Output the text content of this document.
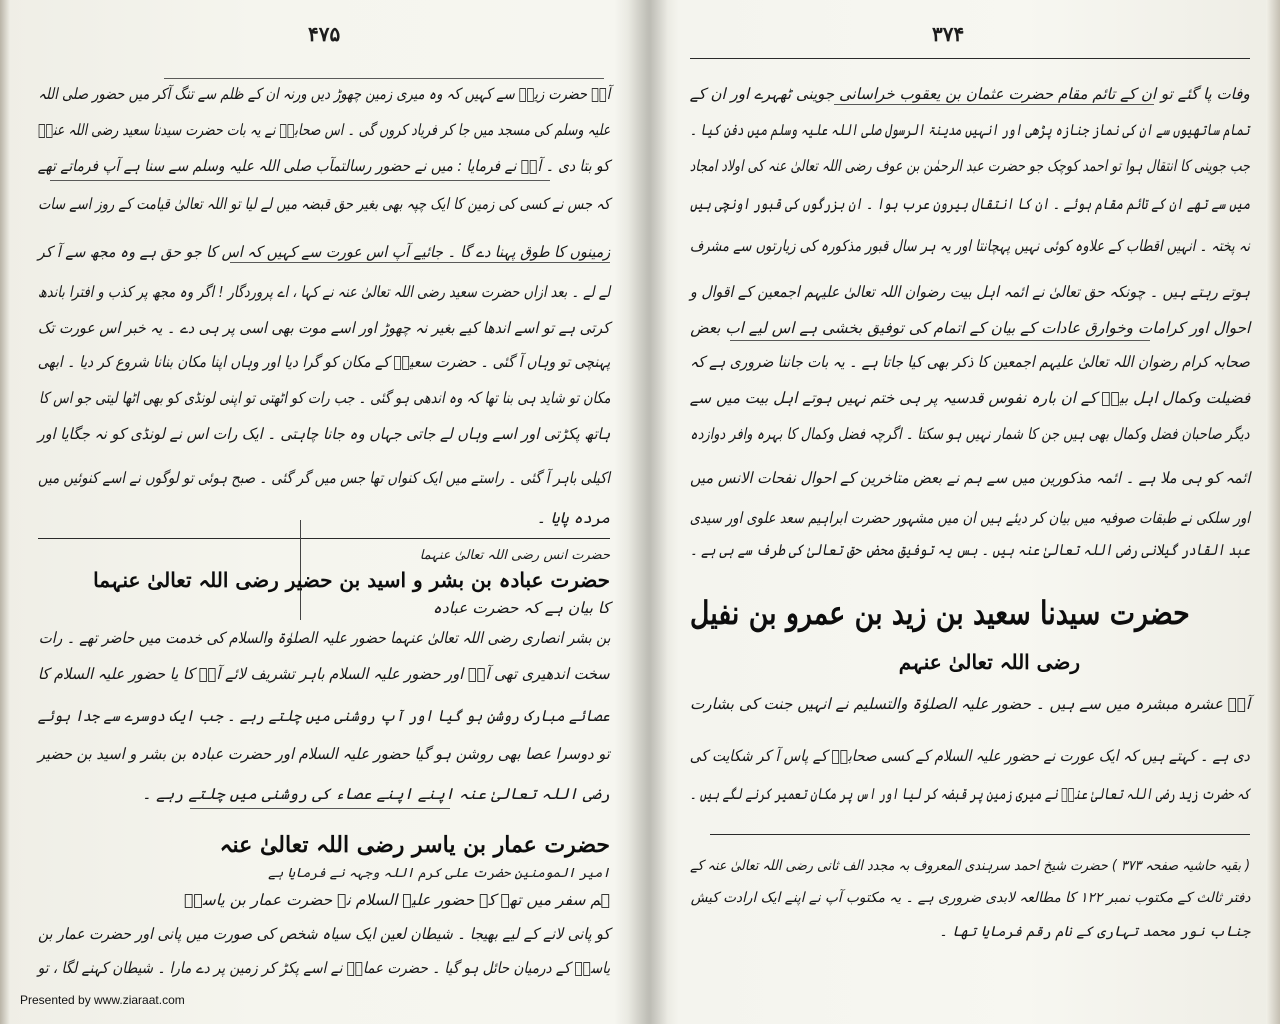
۴۷۵
آپؓ حضرت زیدؓ سے کہیں کہ وہ میری زمین چھوڑ دیں ورنہ ان کے ظلم سے تنگ آکر میں حضور صلی اللہ
علیہ وسلم کی مسجد میں جا کر فریاد کروں گی ۔ اس صحابیؓ نے یہ بات حضرت سیدنا سعید رضی اللہ عنہؓ
کو بتا دی ۔ آپؓ نے فرمایا : میں نے حضور رسالتمآب صلی اللہ علیہ وسلم سے سنا ہے آپ فرماتے تھے
کہ جس نے کسی کی زمین کا ایک چپہ بھی بغیر حق قبضہ میں لے لیا تو اللہ تعالیٰ قیامت کے روز اسے سات
زمینوں کا طوق پہنا دے گا ۔ جائیے آپ اس عورت سے کہیں کہ اس کا جو حق ہے وہ مجھ سے آ کر
لے لے ۔ بعد ازاں حضرت سعید رضی اللہ تعالیٰ عنہ نے کہا ، اے پروردگار ! اگر وہ مجھ پر کذب و افترا باندھ
کرتی ہے تو اسے اندھا کیے بغیر نہ چھوڑ اور اسے موت بھی اسی پر ہی دے ۔ یہ خبر اس عورت تک
پہنچی تو وہاں آ گئی ۔ حضرت سعیدؓ کے مکان کو گرا دیا اور وہاں اپنا مکان بنانا شروع کر دیا ۔ ابھی
مکان تو شاید ہی بنا تھا کہ وہ اندھی ہو گئی ۔ جب رات کو اٹھتی تو اپنی لونڈی کو بھی اٹھا لیتی جو اس کا
ہاتھ پکڑتی اور اسے وہاں لے جاتی جہاں وہ جانا چاہتی ۔ ایک رات اس نے لونڈی کو نہ جگایا اور
اکیلی باہر آ گئی ۔ راستے میں ایک کنواں تھا جس میں گر گئی ۔ صبح ہوئی تو لوگوں نے اسے کنوئیں میں
مردہ پایا ۔
حضرت انس رضی اللہ تعالیٰ عنہما
حضرت عبادہ بن بشر و اسید بن حضیر رضی اللہ تعالیٰ عنہما
کا بیان ہے کہ حضرت عبادہ
بن بشر انصاری رضی اللہ تعالیٰ عنہما حضور علیہ الصلوٰۃ والسلام کی خدمت میں حاضر تھے ۔ رات
سخت اندھیری تھی آپؓ اور حضور علیہ السلام باہر تشریف لائے آپؓ کا یا حضور علیہ السلام کا
عصائے مبارک روشن ہو گیا اور آپ روشنی میں چلتے رہے ۔ جب ایک دوسرے سے جدا ہوئے
تو دوسرا عصا بھی روشن ہو گیا حضور علیہ السلام اور حضرت عبادہ بن بشر و اسید بن حضیر
رضی اللہ تعالیٰ عنہ اپنے اپنے عصاء کی روشنی میں چلتے رہے ۔
حضرت عمار بن یاسر رضی اللہ تعالیٰ عنہ
امیر المومنین حضرت علی کرم اللہ وجہہ نے فرمایا ہے
ہم سفر میں تھے کہ حضور علیہ السلام نے حضرت عمار بن یاسرؓ
کو پانی لانے کے لیے بھیجا ۔ شیطان لعین ایک سیاہ شخص کی صورت میں پانی اور حضرت عمار بن
یاسرؓ کے درمیان حائل ہو گیا ۔ حضرت عمارؓ نے اسے پکڑ کر زمین پر دے مارا ۔ شیطان کہنے لگا ، تو
۳۷۴
وفات پا گئے تو ان کے تائم مقام حضرت عثمان بن یعقوب خراسانی جوینی ٹھہرے اور ان کے
تمام ساتھیوں سے ان کی نماز جنازہ پڑھی اور انہیں مدینۃ الرسول صلی اللہ علیہ وسلم میں دفن کیا ۔
جب جوینی کا انتقال ہوا تو احمد کوچک جو حضرت عبد الرحمٰن بن عوف رضی اللہ تعالیٰ عنہ کی اولاد امجاد
میں سے تھے ان کے تائم مقام ہوئے ۔ ان کا انتقال بیرون عرب ہوا ۔ ان بزرگوں کی قبور اونچی ہیں
نہ پختہ ۔ انہیں اقطاب کے علاوہ کوئی نہیں پہچانتا اور یہ ہر سال قبور مذکورہ کی زیارتوں سے مشرف
ہوتے رہتے ہیں ۔ چونکہ حق تعالیٰ نے ائمہ اہل بیت رضوان اللہ تعالیٰ علیہم اجمعین کے اقوال و
احوال اور کرامات وخوارق عادات کے بیان کے اتمام کی توفیق بخشی ہے اس لیے اب بعض
صحابہ کرام رضوان اللہ تعالیٰ علیہم اجمعین کا ذکر بھی کیا جاتا ہے ۔ یہ بات جاننا ضروری ہے کہ
فضیلت وکمال اہل بیتؓ کے ان بارہ نفوس قدسیہ پر ہی ختم نہیں ہوتے اہل بیت میں سے
دیگر صاحبان فضل وکمال بھی ہیں جن کا شمار نہیں ہو سکتا ۔ اگرچہ فضل وکمال کا بہرہ وافر دوازدہ
ائمہ کو ہی ملا ہے ۔ ائمہ مذکورین میں سے ہم نے بعض متاخرین کے احوال نفحات الانس میں
اور سلکی نے طبقات صوفیہ میں بیان کر دیئے ہیں ان میں مشہور حضرت ابراہیم سعد علوی اور سیدی
عبد القادر گیلانی رضی اللہ تعالیٰ عنہ ہیں ۔ بس یہ توفیق محض حق تعالیٰ کی طرف سے ہی ہے ۔
حضرت سیدنا سعید بن زید بن عمرو بن نفیل
رضی اللہ تعالیٰ عنہم
آپؓ عشرہ مبشرہ میں سے ہیں ۔ حضور علیہ الصلوٰۃ والتسلیم نے انہیں جنت کی بشارت
دی ہے ۔ کہتے ہیں کہ ایک عورت نے حضور علیہ السلام کے کسی صحابیؓ کے پاس آ کر شکایت کی
کہ حضرت زید رضی اللہ تعالیٰ عنہؓ نے میری زمین پر قبضہ کر لیا اور اس پر مکان تعمیر کرنے لگے ہیں ۔
( بقیہ حاشیہ صفحہ ۳۷۳ ) حضرت شیخ احمد سرہندی المعروف بہ مجدد الف ثانی رضی اللہ تعالیٰ عنہ کے
دفتر ثالث کے مکتوب نمبر ۱۲۲ کا مطالعہ لابدی ضروری ہے ۔ یہ مکتوب آپ نے اپنے ایک ارادت کیش
جناب نور محمد تہاری کے نام رقم فرمایا تھا ۔
Presented by www.ziaraat.com
